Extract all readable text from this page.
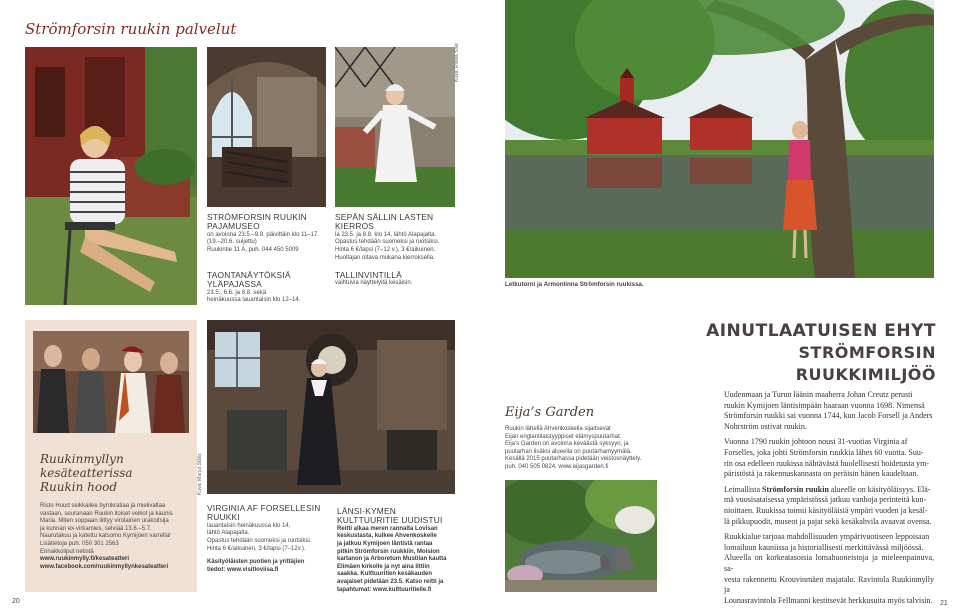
Strömforsin ruukin palvelut
STRÖMFORSIN RUUKIN
PAJAMUSEO
on avoinna 23.5.–9.8. päivittäin klo 11–17.
(19.–20.6. suljettu)
Ruukintie 11 A, puh. 044 450 5009
SEPÄN SÄLLIN LASTEN KIERROS
la 23.5. ja 8.8. klo 14, lähtö Alapajalta.
Opastus tehdään suomeksi ja ruotsiksi.
Hinta 6 €/lapsi (7–12 v.), 3 €/aikuinen.
Huoltajan oltava mukana kierroksella.
TAONTANÄYTÖKSIÄ
YLÄPAJASSA
23.5., 6.6. ja 8.8. sekä
heinäkuussa lauantaisin klo 12–14.
TALLINVINTILLÄ
vaihtuvia näyttelyitä kesäisin.
Ruukinmyllyn
kesäteatterissa
Ruukin hood
Risto Huud seikkailee byrokratiaa ja mielivaltaa
vastaan, seuranaan Ruukin iloiset veikot ja kaunis
Maria. Miten soppaan liittyy virolainen urakoitsija
ja kunnan ex-virkamies, selviää 13.6.–5.7.
Naurutakuu ja katettu katsomo Kymijoen varrella!
Lisätietoja puh. 050 301 2563
Ennakkoliput netistä
www.ruukinmylly.fi/kesateatteri
www.facebook.com/ruukinmyllynkesateatteri
Kuva: Marjut Stålis
VIRGINIA AF FORSELLESIN
RUUKKI
lauantaisin heinäkuussa klo 14,
lähtö Alapajalta.
Opastus tehdään suomeksi ja ruotsiksi.
Hinta 6 €/aikuinen, 3 €/lapsi (7–12v.).
Käsityöläisten puotien ja yrittäjien
tiedot: www.visitloviisa.fi
LÄNSI-KYMEN
KULTTUURITIE UUDISTUI
Reitti alkaa meren rannalta Lovisan
keskustasta, kulkee Ahvenkoskelle
ja jatkuu Kymijoen läntistä rantaa
pitkin Strömforsin ruukkiin, Moision
kartanon ja Arboretum Mustilan kautta
Elimäen kirkolle ja nyt aina Iittiin
saakka. Kulttuuritien kesäkauden
avajaiset pidetään 23.5. Katso reitti ja
tapahtumat: www.kulttuuritielle.fi
20
Kuva: Riikka Sivé
Letkutorni ja Armonlinna Strömforsin ruukissa.
AINUTLAATUISEN EHYT
STRÖMFORSIN RUUKKIMILJÖÖ
Eija’s Garden
Ruukin lähellä Ahvenkoskella sijaitsevat
Eijan englantilaistyyppiset elämyspuutarhat.
Eija’s Garden on avoinna keväästä syksyyn, ja
puutarhan lisäksi alueella on puutarhamyymälä.
Kesällä 2015 puutarhassa pidetään veistosnäyttely.
puh. 040 505 0824, www.eijasgarden.fi
Uudenmaan ja Turun läänin maaherra Johan Creutz perusti
ruukin Kymijoen läntisimpään haaraan vuonna 1698. Nimensä
Strömforsin ruukki sai vuonna 1744, kun Jacob Forsell ja Anders
Nohrström ostivat ruukin.
Vuonna 1790 ruukin johtoon nousi 31-vuotias Virginia af
Forselles, joka johti Strömforsin ruukkia lähes 60 vuotta. Suu-
rin osa edelleen ruukissa nähtävästä huolellisesti hoidetusta ym-
päristöstä ja rakennuskannasta on peräisin hänen kaudeltaan.
Leimallista Strömforsin ruukin alueelle on käsityöläisyys. Elä-
mä vuosisataisessa ympäristössä jatkuu vanhoja perinteitä kun-
nioittaen. Ruukissa toimii käsityöläisiä ympäri vuoden ja kesäl-
lä pikkupuodit, museot ja pajat sekä kesäkahvila avaavat ovensa.
Ruukkialue tarjoaa mahdollisuuden ympärivuotiseen leppoisaan
lomailuun kauniissa ja historiallisesti merkittävässä miljöössä.
Alueella on korkeatasoisia lomahuoneistoja ja mieleenpainuva, sa-
vesta rakennettu Krouvinmäen majatalo. Ravintola Ruukinmylly ja
Lounasravintola Fellmanni kestitsevät herkkusuita myös talvisin. 21
